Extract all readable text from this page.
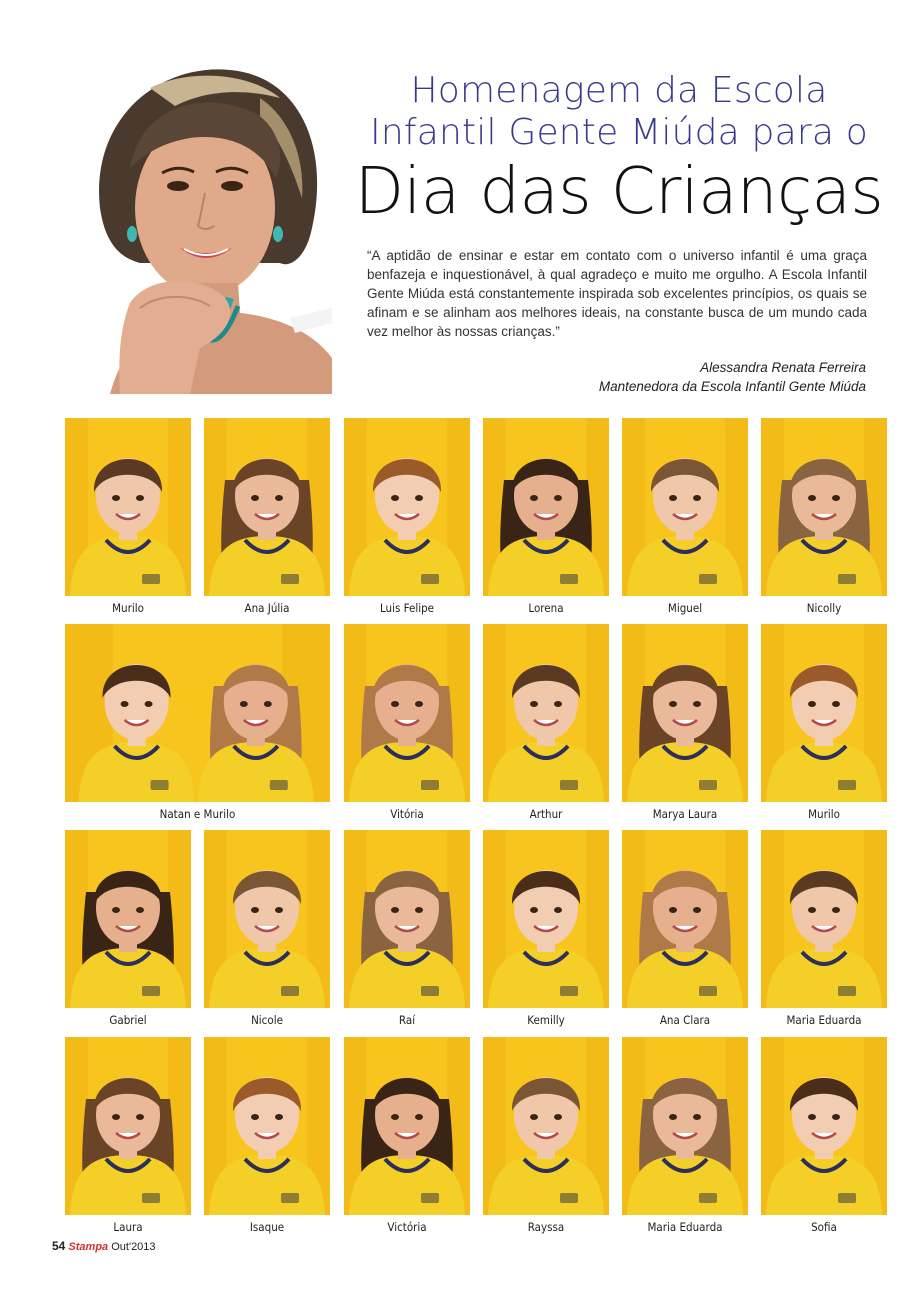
Homenagem da Escola
Infantil Gente Miúda para o
Dia das Crianças
“A aptidão de ensinar e estar em contato com o universo infantil é uma graça benfazeja e inquestionável, à qual agradeço e muito me orgulho. A Escola Infantil Gente Miúda está constantemente inspirada sob excelentes princípios, os quais se afinam e se alinham aos melhores ideais, na constante busca de um mundo cada vez melhor às nossas crianças.”
Alessandra Renata Ferreira
Mantenedora da Escola Infantil Gente Miúda
Murilo	Ana Júlia	Luis Felipe	Lorena	Miguel	Nicolly
Natan e Murilo	Vitória	Arthur	Marya Laura	Murilo
Gabriel	Nicole	Raí	Kemilly	Ana Clara	Maria Eduarda
Laura	Isaque	Victória	Rayssa	Maria Eduarda	Sofia
54 Stampa Out'2013
